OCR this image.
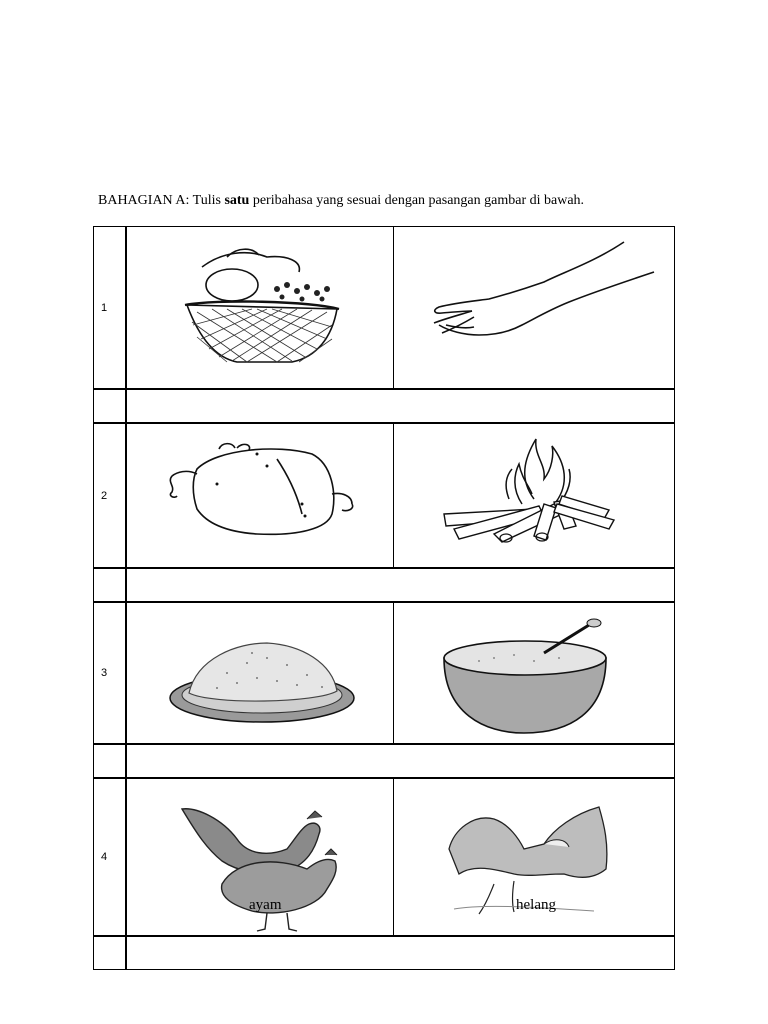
BAHAGIAN A: Tulis satu peribahasa yang sesuai dengan pasangan gambar di bawah.
1
2
3
4
ayam	helang
